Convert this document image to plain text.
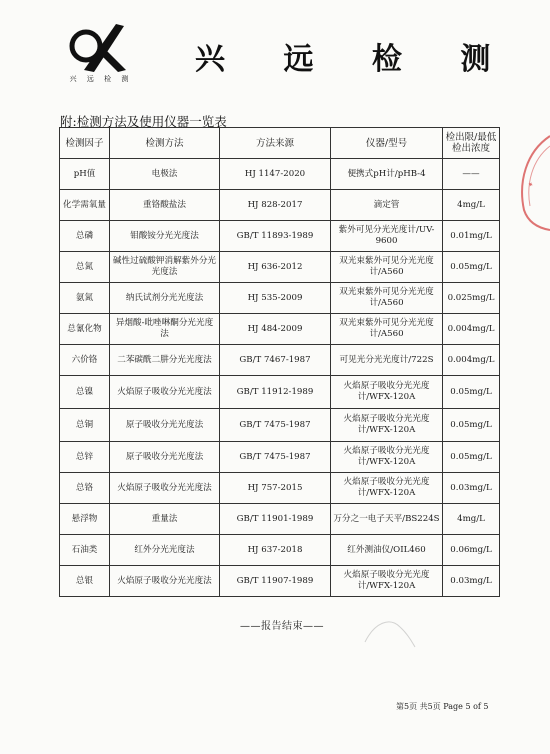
兴 远 检 测
兴 远 检 测
附:检测方法及使用仪器一览表
检测因子	检测方法	方法来源	仪器/型号	检出限/最低检出浓度
pH值	电极法	HJ 1147-2020	便携式pH计/pHB-4	——
化学需氧量	重铬酸盐法	HJ 828-2017	滴定管	4mg/L
总磷	钼酸铵分光光度法	GB/T 11893-1989	紫外可见分光光度计/UV-9600	0.01mg/L
总氮	碱性过硫酸钾消解紫外分光光度法	HJ 636-2012	双光束紫外可见分光光度计/A560	0.05mg/L
氨氮	纳氏试剂分光光度法	HJ 535-2009	双光束紫外可见分光光度计/A560	0.025mg/L
总氰化物	异烟酸-吡唑啉酮分光光度法	HJ 484-2009	双光束紫外可见分光光度计/A560	0.004mg/L
六价铬	二苯碳酰二肼分光光度法	GB/T 7467-1987	可见光分光光度计/722S	0.004mg/L
总镍	火焰原子吸收分光光度法	GB/T 11912-1989	火焰原子吸收分光光度计/WFX-120A	0.05mg/L
总铜	原子吸收分光光度法	GB/T 7475-1987	火焰原子吸收分光光度计/WFX-120A	0.05mg/L
总锌	原子吸收分光光度法	GB/T 7475-1987	火焰原子吸收分光光度计/WFX-120A	0.05mg/L
总铬	火焰原子吸收分光光度法	HJ 757-2015	火焰原子吸收分光光度计/WFX-120A	0.03mg/L
悬浮物	重量法	GB/T 11901-1989	万分之一电子天平/BS224S	4mg/L
石油类	红外分光光度法	HJ 637-2018	红外测油仪/OIL460	0.06mg/L
总银	火焰原子吸收分光光度法	GB/T 11907-1989	火焰原子吸收分光光度计/WFX-120A	0.03mg/L
——报告结束——
✦
第5页 共5页 Page 5 of 5
